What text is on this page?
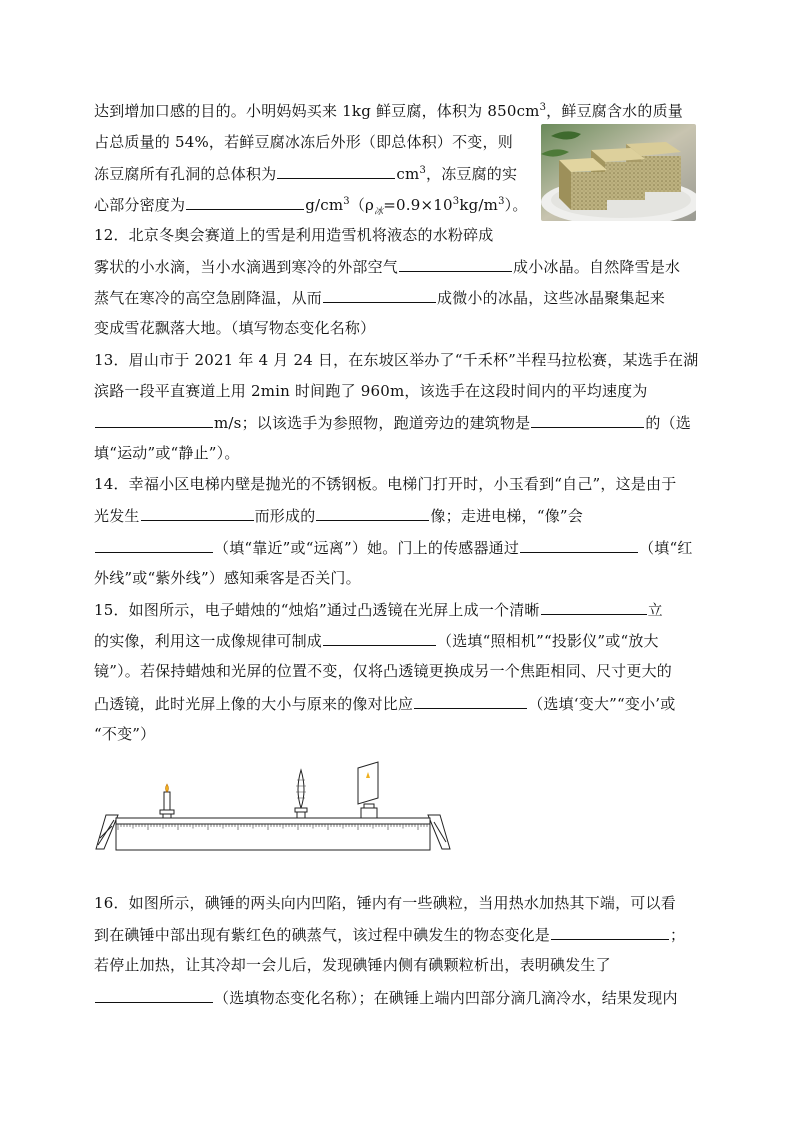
达到增加口感的目的。小明妈妈买来 1kg 鲜豆腐，体积为 $850cm^3$，鲜豆腐含水的质量
占总质量的 54%，若鲜豆腐冰冻后外形（即总体积）不变，则
冻豆腐所有孔洞的总体积为	$cm^3$，冻豆腐的实
心部分密度为	$g/cm^3(\rho_冰=0.9\times 10^3kg/m^3)$。
12．北京冬奥会赛道上的雪是利用造雪机将液态的水粉碎成
雾状的小水滴，当小水滴遇到寒冷的外部空气	成小冰晶。自然降雪是水
蒸气在寒冷的高空急剧降温，从而	成微小的冰晶，这些冰晶聚集起来
变成雪花飘落大地。（填写物态变化名称）
13．眉山市于 2021 年 4 月 24 日，在东坡区举办了“千禾杯”半程马拉松赛，某选手在湖
滨路一段平直赛道上用 2min 时间跑了 960m，该选手在这段时间内的平均速度为
m/s；以该选手为参照物，跑道旁边的建筑物是	的（选
填“运动”或“静止”）。
14．幸福小区电梯内壁是抛光的不锈钢板。电梯门打开时，小玉看到“自己”，这是由于
光发生	而形成的	像；走进电梯，“像”会
（填“靠近”或“远离”）她。门上的传感器通过	（填“红
外线”或“紫外线”）感知乘客是否关门。
15．如图所示，电子蜡烛的“烛焰”通过凸透镜在光屏上成一个清晰	立
的实像，利用这一成像规律可制成	（选填“照相机”“投影仪”或“放大
镜”）。若保持蜡烛和光屏的位置不变，仅将凸透镜更换成另一个焦距相同、尺寸更大的
凸透镜，此时光屏上像的大小与原来的像对比应	（选填‘变大”“变小’或
“不变”）
16．如图所示，碘锤的两头向内凹陷，锤内有一些碘粒，当用热水加热其下端，可以看
到在碘锤中部出现有紫红色的碘蒸气，该过程中碘发生的物态变化是	；
若停止加热，让其冷却一会儿后，发现碘锤内侧有碘颗粒析出，表明碘发生了
（选填物态变化名称）；在碘锤上端内凹部分滴几滴冷水，结果发现内
